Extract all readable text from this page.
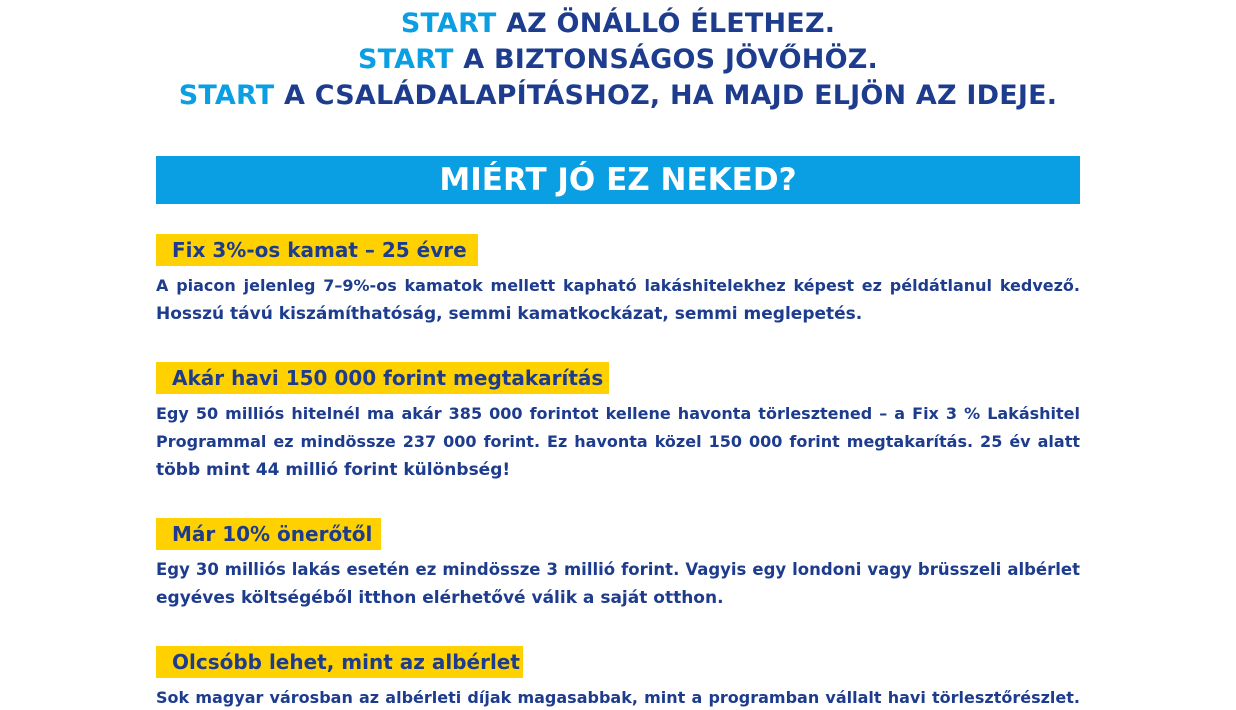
START AZ ÖNÁLLÓ ÉLETHEZ.
START A BIZTONSÁGOS JÖVŐHÖZ.
START A CSALÁDALAPÍTÁSHOZ, HA MAJD ELJÖN AZ IDEJE.
MIÉRT JÓ EZ NEKED?
Fix 3%-os kamat – 25 évre
A piacon jelenleg 7–9%-os kamatok mellett kapható lakáshitelekhez képest ez példátlanul kedvező.
Hosszú távú kiszámíthatóság, semmi kamatkockázat, semmi meglepetés.
Akár havi 150 000 forint megtakarítás
Egy 50 milliós hitelnél ma akár 385 000 forintot kellene havonta törlesztened – a Fix 3 % Lakáshitel
Programmal ez mindössze 237 000 forint. Ez havonta közel 150 000 forint megtakarítás. 25 év alatt
több mint 44 millió forint különbség!
Már 10% önerőtől
Egy 30 milliós lakás esetén ez mindössze 3 millió forint. Vagyis egy londoni vagy brüsszeli albérlet
egyéves költségéből itthon elérhetővé válik a saját otthon.
Olcsóbb lehet, mint az albérlet
Sok magyar városban az albérleti díjak magasabbak, mint a programban vállalt havi törlesztőrészlet.
